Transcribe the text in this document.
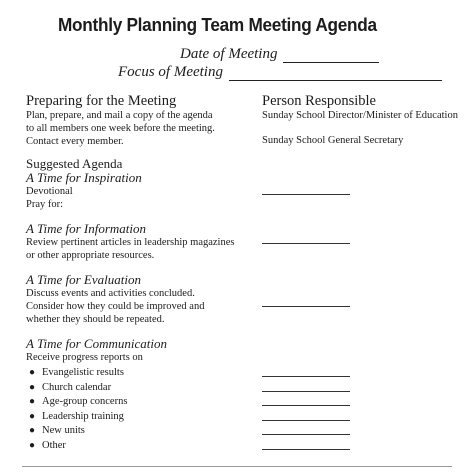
Monthly Planning Team Meeting Agenda
Date of Meeting
Focus of Meeting
Preparing for the Meeting	Person Responsible
Plan, prepare, and mail a copy of the agenda
to all members one week before the meeting.
Contact every member.
Sunday School Director/Minister of Education
Sunday School General Secretary
Suggested Agenda
A Time for Inspiration
Devotional
Pray for:
A Time for Information
Review pertinent articles in leadership magazines
or other appropriate resources.
A Time for Evaluation
Discuss events and activities concluded.
Consider how they could be improved and
whether they should be repeated.
A Time for Communication
Receive progress reports on
● Evangelistic results
● Church calendar
● Age-group concerns
● Leadership training
● New units
● Other
